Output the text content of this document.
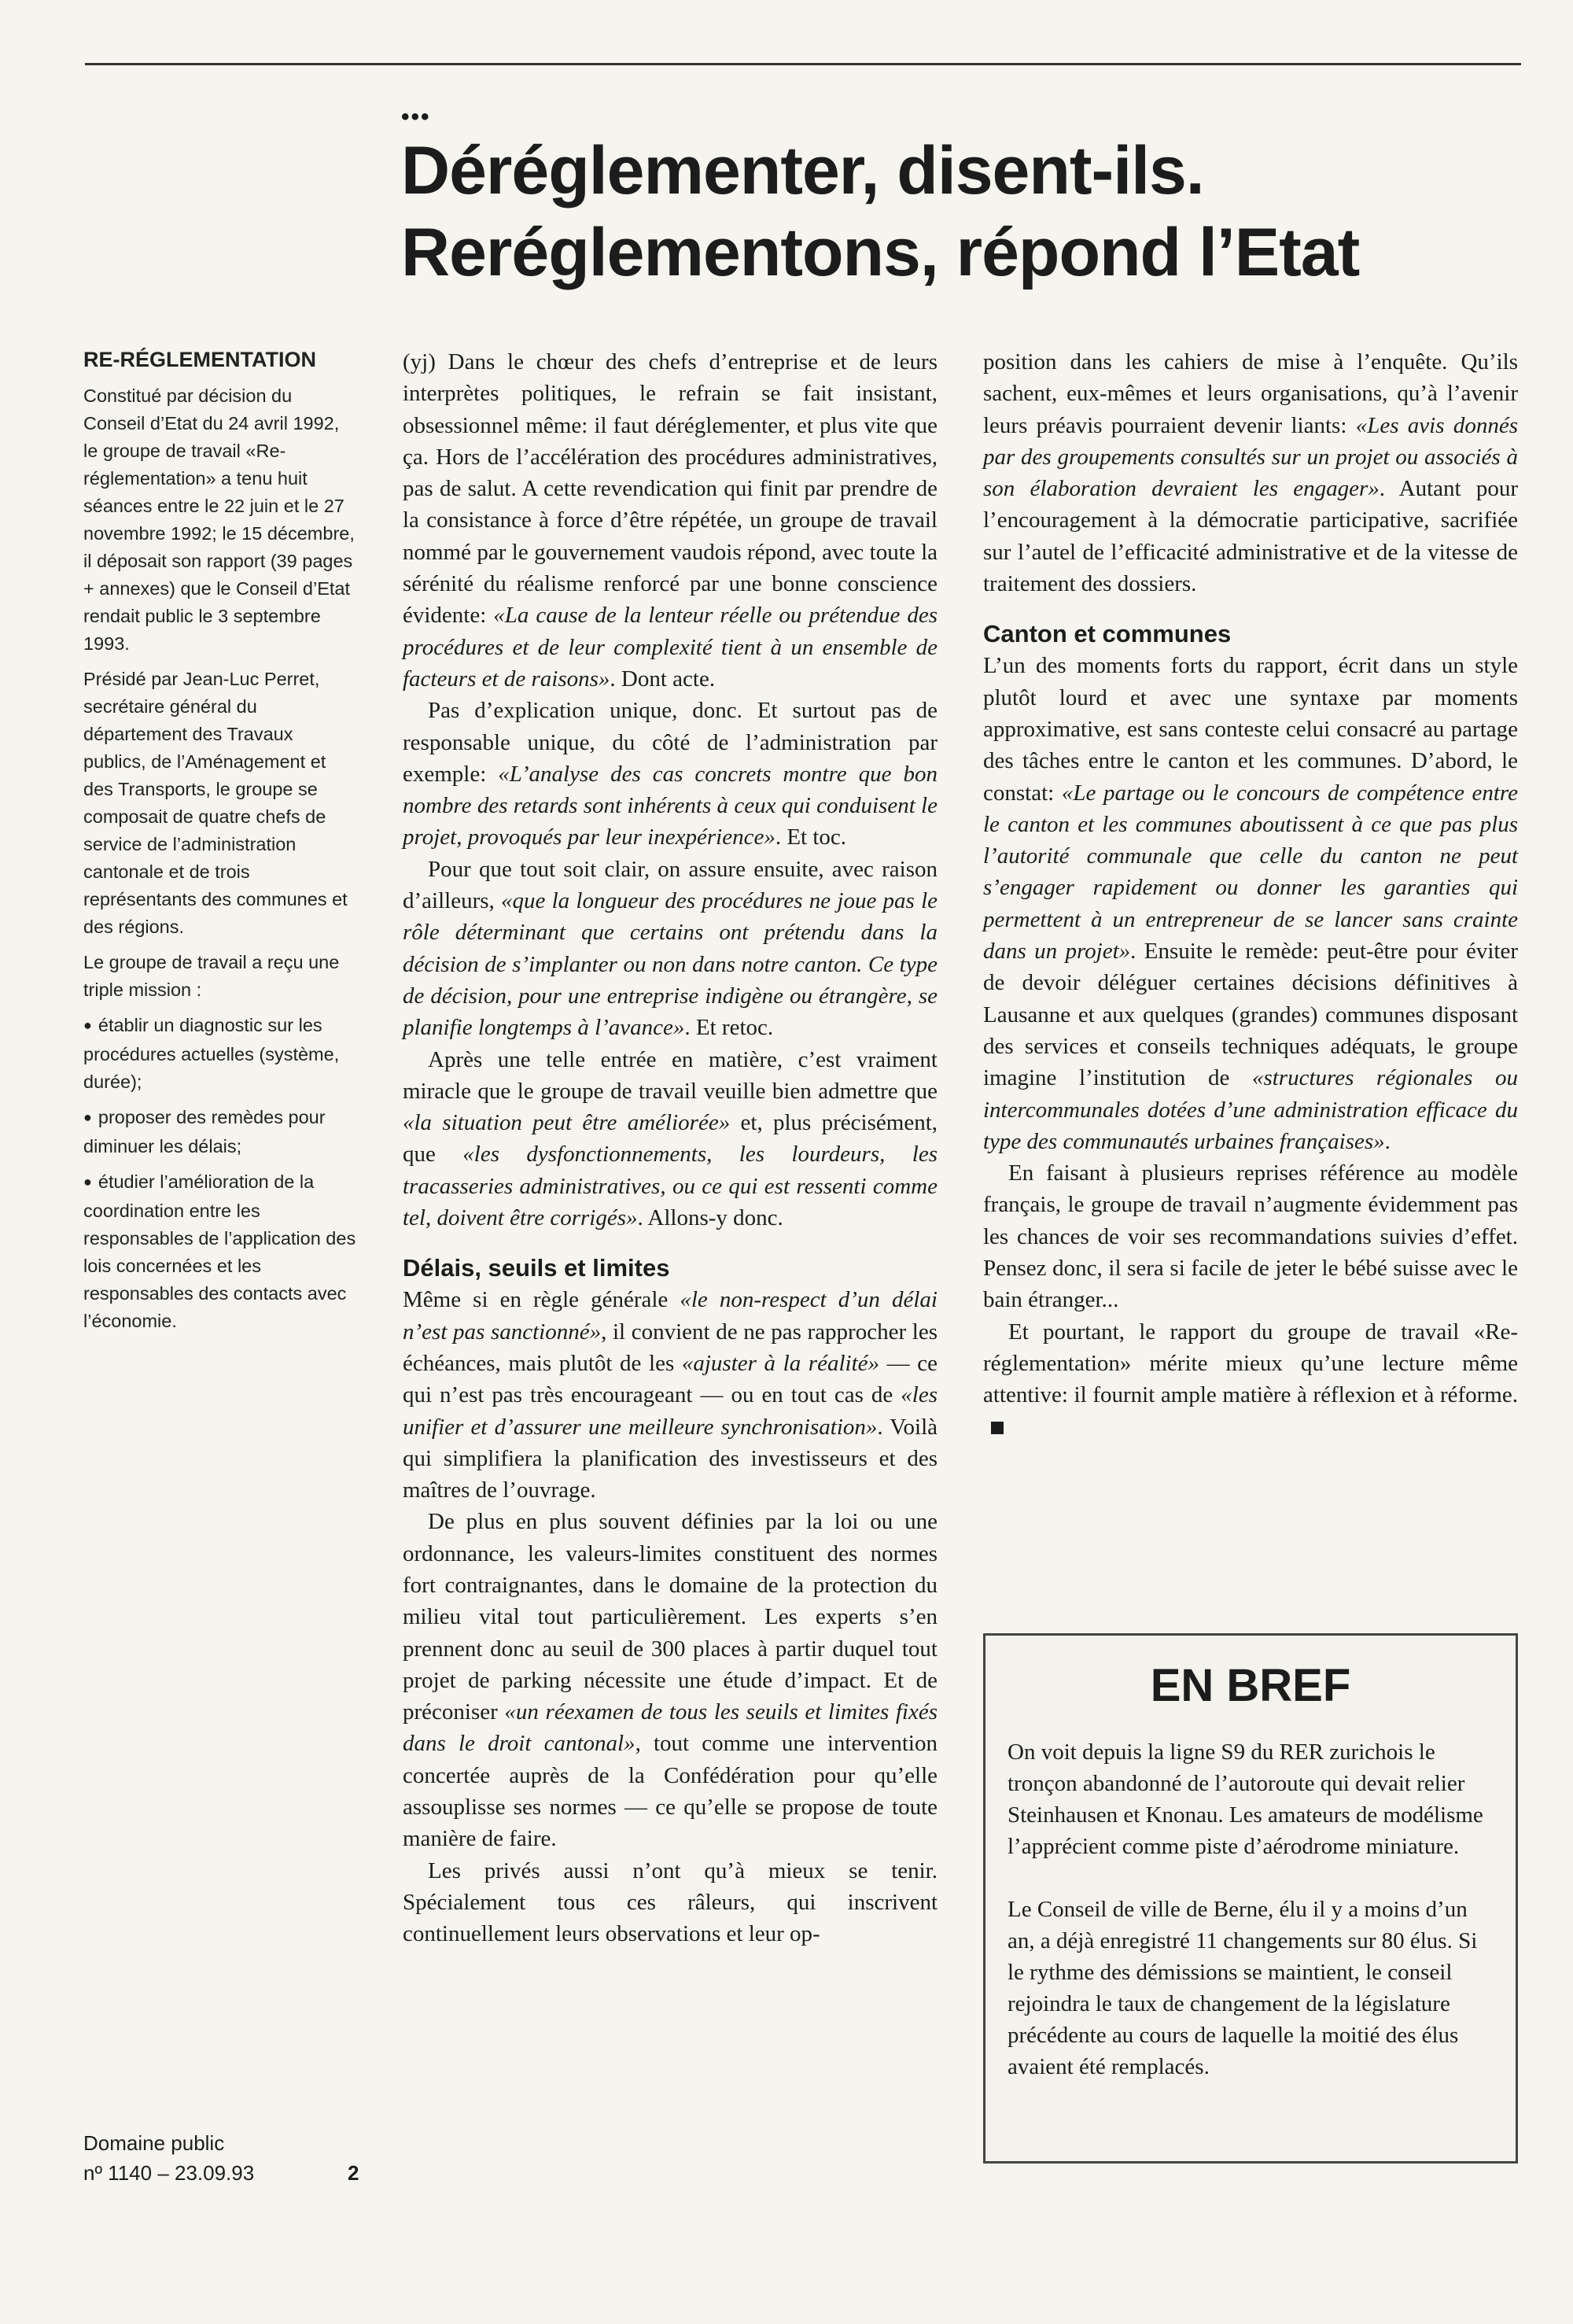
•••
Déréglementer, disent-ils.
Reréglementons, répond l’Etat
RE-RÉGLEMENTATION

Constitué par décision du Conseil d’Etat du 24 avril 1992, le groupe de travail «Re-réglementation» a tenu huit séances entre le 22 juin et le 27 novembre 1992; le 15 décembre, il déposait son rapport (39 pages + annexes) que le Conseil d’Etat rendait public le 3 septembre 1993.

Présidé par Jean-Luc Perret, secrétaire général du département des Travaux publics, de l’Aménagement et des Transports, le groupe se composait de quatre chefs de service de l’administration cantonale et de trois représentants des communes et des régions.

Le groupe de travail a reçu une triple mission :

● établir un diagnostic sur les procédures actuelles (système, durée);

● proposer des remèdes pour diminuer les délais;

● étudier l’amélioration de la coordination entre les responsables de l’application des lois concernées et les responsables des contacts avec l’économie.

Domaine public
nº 1140 – 23.09.93	2

(yj) Dans le chœur des chefs d’entreprise et de leurs interprètes politiques, le refrain se fait insistant, obsessionnel même: il faut déréglementer, et plus vite que ça. Hors de l’accélération des procédures administratives, pas de salut. A cette revendication qui finit par prendre de la consistance à force d’être répétée, un groupe de travail nommé par le gouvernement vaudois répond, avec toute la sérénité du réalisme renforcé par une bonne conscience évidente: «La cause de la lenteur réelle ou prétendue des procédures et de leur complexité tient à un ensemble de facteurs et de raisons». Dont acte.

Pas d’explication unique, donc. Et surtout pas de responsable unique, du côté de l’administration par exemple: «L’analyse des cas concrets montre que bon nombre des retards sont inhérents à ceux qui conduisent le projet, provoqués par leur inexpérience». Et toc.

Pour que tout soit clair, on assure ensuite, avec raison d’ailleurs, «que la longueur des procédures ne joue pas le rôle déterminant que certains ont prétendu dans la décision de s’implanter ou non dans notre canton. Ce type de décision, pour une entreprise indigène ou étrangère, se planifie longtemps à l’avance». Et retoc.

Après une telle entrée en matière, c’est vraiment miracle que le groupe de travail veuille bien admettre que «la situation peut être améliorée» et, plus précisément, que «les dysfonctionnements, les lourdeurs, les tracasseries administratives, ou ce qui est ressenti comme tel, doivent être corrigés». Allons-y donc.

Délais, seuils et limites

Même si en règle générale «le non-respect d’un délai n’est pas sanctionné», il convient de ne pas rapprocher les échéances, mais plutôt de les «ajuster à la réalité» — ce qui n’est pas très encourageant — ou en tout cas de «les unifier et d’assurer une meilleure synchronisation». Voilà qui simplifiera la planification des investisseurs et des maîtres de l’ouvrage.

De plus en plus souvent définies par la loi ou une ordonnance, les valeurs-limites constituent des normes fort contraignantes, dans le domaine de la protection du milieu vital tout particulièrement. Les experts s’en prennent donc au seuil de 300 places à partir duquel tout projet de parking nécessite une étude d’impact. Et de préconiser «un réexamen de tous les seuils et limites fixés dans le droit cantonal», tout comme une intervention concertée auprès de la Confédération pour qu’elle assouplisse ses normes — ce qu’elle se propose de toute manière de faire.

Les privés aussi n’ont qu’à mieux se tenir. Spécialement tous ces râleurs, qui inscrivent continuellement leurs observations et leur op-

position dans les cahiers de mise à l’enquête. Qu’ils sachent, eux-mêmes et leurs organisations, qu’à l’avenir leurs préavis pourraient devenir liants: «Les avis donnés par des groupements consultés sur un projet ou associés à son élaboration devraient les engager». Autant pour l’encouragement à la démocratie participative, sacrifiée sur l’autel de l’efficacité administrative et de la vitesse de traitement des dossiers.

Canton et communes

L’un des moments forts du rapport, écrit dans un style plutôt lourd et avec une syntaxe par moments approximative, est sans conteste celui consacré au partage des tâches entre le canton et les communes. D’abord, le constat: «Le partage ou le concours de compétence entre le canton et les communes aboutissent à ce que pas plus l’autorité communale que celle du canton ne peut s’engager rapidement ou donner les garanties qui permettent à un entrepreneur de se lancer sans crainte dans un projet». Ensuite le remède: peut-être pour éviter de devoir déléguer certaines décisions définitives à Lausanne et aux quelques (grandes) communes disposant des services et conseils techniques adéquats, le groupe imagine l’institution de «structures régionales ou intercommunales dotées d’une administration efficace du type des communautés urbaines françaises».

En faisant à plusieurs reprises référence au modèle français, le groupe de travail n’augmente évidemment pas les chances de voir ses recommandations suivies d’effet. Pensez donc, il sera si facile de jeter le bébé suisse avec le bain étranger...

Et pourtant, le rapport du groupe de travail «Re-réglementation» mérite mieux qu’une lecture même attentive: il fournit ample matière à réflexion et à réforme.

EN BREF

On voit depuis la ligne S9 du RER zurichois le tronçon abandonné de l’autoroute qui devait relier Steinhausen et Knonau. Les amateurs de modélisme l’apprécient comme piste d’aérodrome miniature.

Le Conseil de ville de Berne, élu il y a moins d’un an, a déjà enregistré 11 changements sur 80 élus. Si le rythme des démissions se maintient, le conseil rejoindra le taux de changement de la législature précédente au cours de laquelle la moitié des élus avaient été remplacés.
